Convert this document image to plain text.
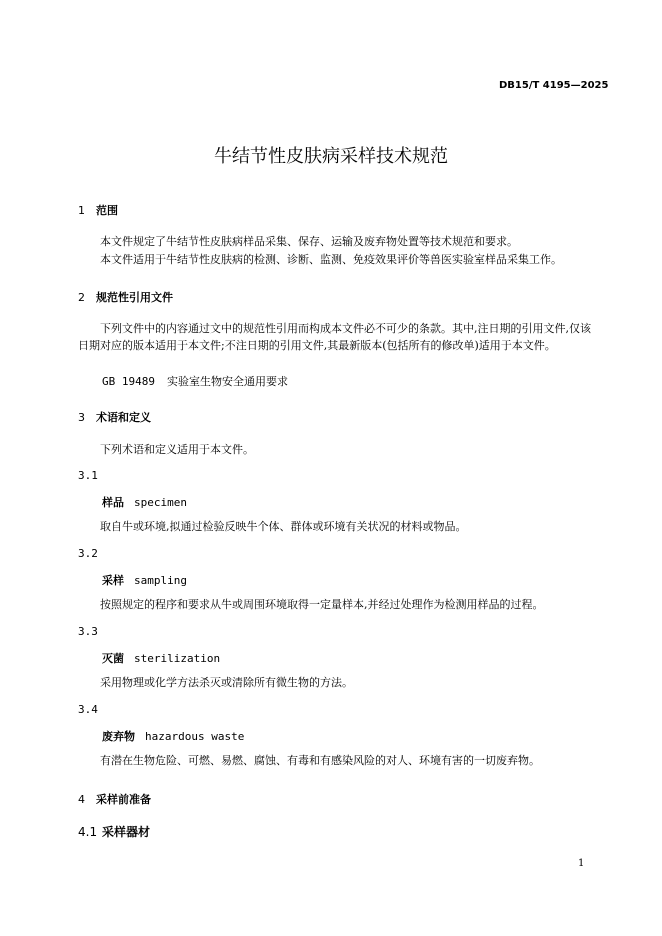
DB15/T 4195—2025
牛结节性皮肤病采样技术规范
1 范围
本文件规定了牛结节性皮肤病样品采集、保存、运输及废弃物处置等技术规范和要求。
本文件适用于牛结节性皮肤病的检测、诊断、监测、免疫效果评价等兽医实验室样品采集工作。
2 规范性引用文件
下列文件中的内容通过文中的规范性引用而构成本文件必不可少的条款。其中,注日期的引用文件,仅该日期对应的版本适用于本文件;不注日期的引用文件,其最新版本(包括所有的修改单)适用于本文件。
GB 19489 实验室生物安全通用要求
3 术语和定义
下列术语和定义适用于本文件。
3.1
样品 specimen
取自牛或环境,拟通过检验反映牛个体、群体或环境有关状况的材料或物品。
3.2
采样 sampling
按照规定的程序和要求从牛或周围环境取得一定量样本,并经过处理作为检测用样品的过程。
3.3
灭菌 sterilization
采用物理或化学方法杀灭或清除所有微生物的方法。
3.4
废弃物 hazardous waste
有潜在生物危险、可燃、易燃、腐蚀、有毒和有感染风险的对人、环境有害的一切废弃物。
4 采样前准备
4.1 采样器材
1
